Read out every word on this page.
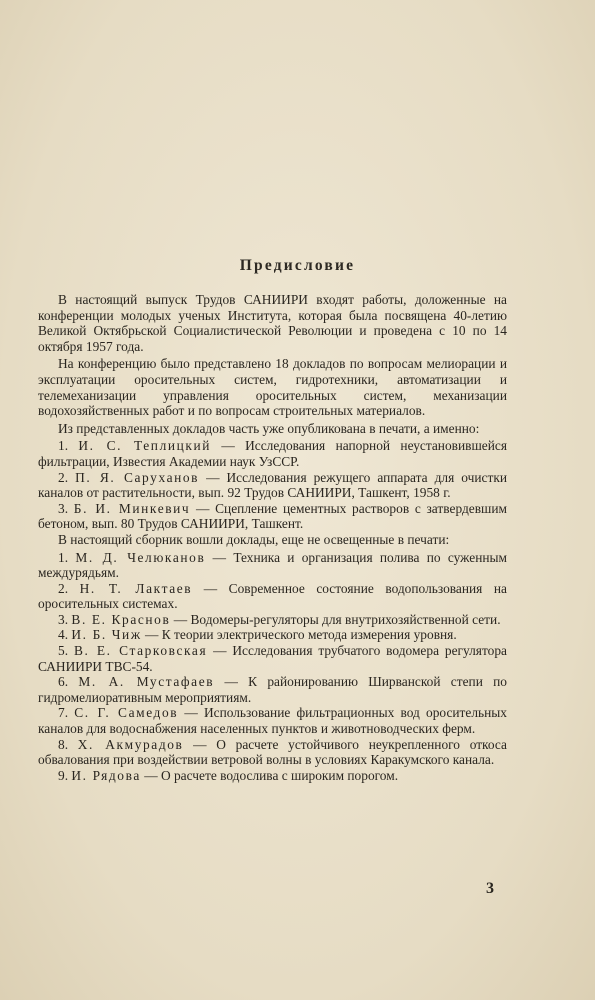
Предисловие

В настоящий выпуск Трудов САНИИРИ входят работы, доложенные на конференции молодых ученых Института, которая была посвящена 40-летию Великой Октябрьской Социалистической Революции и проведена с 10 по 14 октября 1957 года.

На конференцию было представлено 18 докладов по вопросам мелиорации и эксплуатации оросительных систем, гидротехники, автоматизации и телемеханизации управления оросительных систем, механизации водохозяйственных работ и по вопросам строительных материалов.

Из представленных докладов часть уже опубликована в печати, а именно:

1. И. С. Теплицкий — Исследования напорной неустановившейся фильтрации, Известия Академии наук УзССР.

2. П. Я. Саруханов — Исследования режущего аппарата для очистки каналов от растительности, вып. 92 Трудов САНИИРИ, Ташкент, 1958 г.

3. Б. И. Минкевич — Сцепление цементных растворов с затвердевшим бетоном, вып. 80 Трудов САНИИРИ, Ташкент.

В настоящий сборник вошли доклады, еще не освещенные в печати:

1. М. Д. Челюканов — Техника и организация полива по суженным междурядьям.

2. Н. Т. Лактаев — Современное состояние водопользования на оросительных системах.

3. В. Е. Краснов — Водомеры-регуляторы для внутрихозяйственной сети.

4. И. Б. Чиж — К теории электрического метода измерения уровня.

5. В. Е. Старковская — Исследования трубчатого водомера регулятора САНИИРИ ТВС-54.

6. М. А. Мустафаев — К районированию Ширванской степи по гидромелиоративным мероприятиям.

7. С. Г. Самедов — Использование фильтрационных вод оросительных каналов для водоснабжения населенных пунктов и животноводческих ферм.

8. Х. Акмурадов — О расчете устойчивого неукрепленного откоса обвалования при воздействии ветровой волны в условиях Каракумского канала.

9. И. Рядова — О расчете водослива с широким порогом.

3
